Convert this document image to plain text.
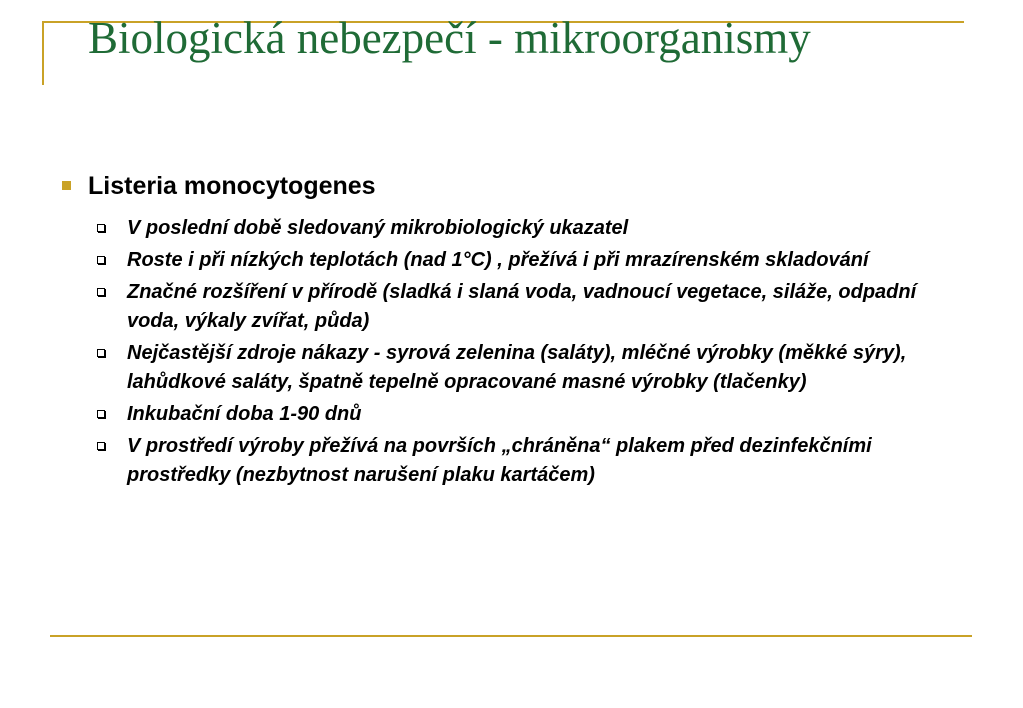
Biologická nebezpečí - mikroorganismy
Listeria monocytogenes
V poslední době sledovaný mikrobiologický ukazatel
Roste i při nízkých teplotách (nad 1°C) , přežívá i při mrazírenském skladování
Značné rozšíření v přírodě (sladká i slaná voda, vadnoucí vegetace, siláže, odpadní voda, výkaly zvířat, půda)
Nejčastější zdroje nákazy - syrová zelenina (saláty), mléčné výrobky (měkké sýry), lahůdkové saláty, špatně tepelně opracované masné výrobky (tlačenky)
Inkubační doba 1-90 dnů
V prostředí výroby přežívá na površích „chráněna“ plakem před dezinfekčními prostředky (nezbytnost narušení plaku kartáčem)
